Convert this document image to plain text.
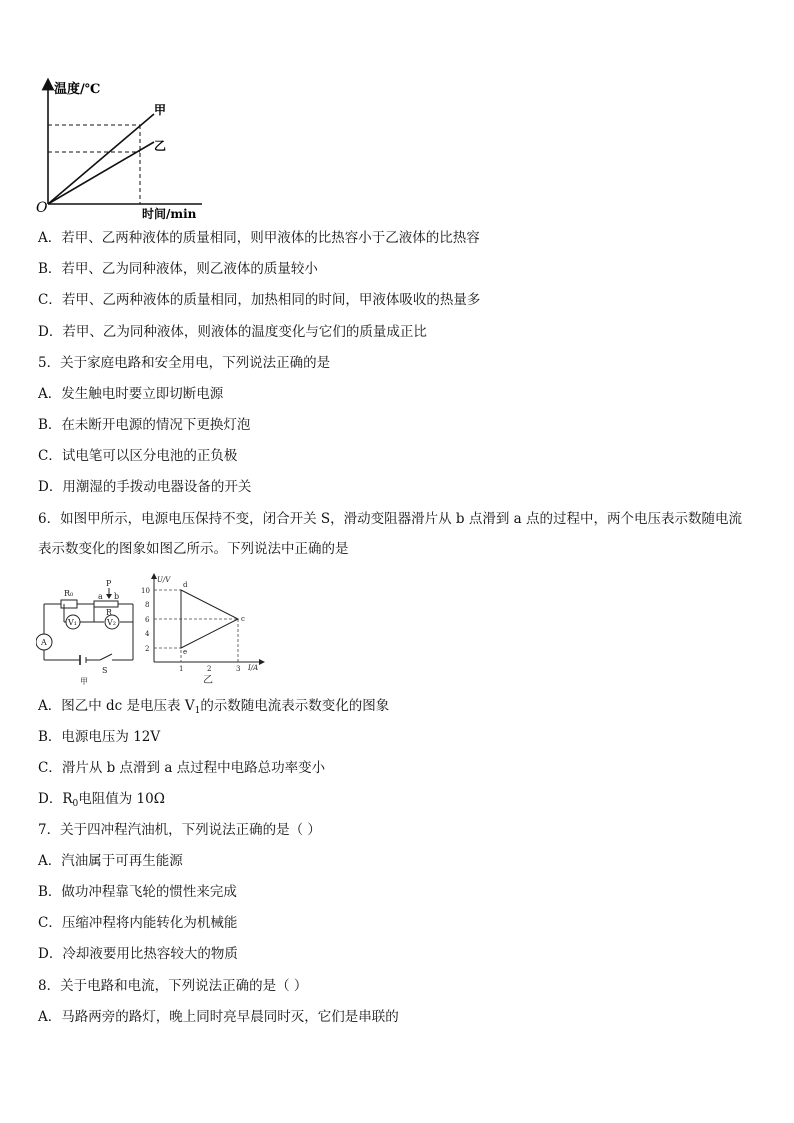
温度/℃
时间/min
O
甲
乙
A．若甲、乙两种液体的质量相同，则甲液体的比热容小于乙液体的比热容
B．若甲、乙为同种液体，则乙液体的质量较小
C．若甲、乙两种液体的质量相同，加热相同的时间，甲液体吸收的热量多
D．若甲、乙为同种液体，则液体的温度变化与它们的质量成正比
5．关于家庭电路和安全用电，下列说法正确的是
A．发生触电时要立即切断电源
B．在未断开电源的情况下更换灯泡
C．试电笔可以区分电池的正负极
D．用潮湿的手拨动电器设备的开关
6．如图甲所示，电源电压保持不变，闭合开关 S，滑动变阻器滑片从 b 点滑到 a 点的过程中，两个电压表示数随电流
表示数变化的图象如图乙所示。下列说法中正确的是
R₀
P
a b
R
V₁	V₂
A
S
甲
U/V
10
8
6
4
2
1	2	3 I/A
d
c
e
乙
A．图乙中 dc 是电压表 $V_1$的示数随电流表示数变化的图象
B．电源电压为 12V
C．滑片从 b 点滑到 a 点过程中电路总功率变小
D．$R_0$电阻值为 10Ω
7．关于四冲程汽油机，下列说法正确的是（ ）
A．汽油属于可再生能源
B．做功冲程靠飞轮的惯性来完成
C．压缩冲程将内能转化为机械能
D．冷却液要用比热容较大的物质
8．关于电路和电流，下列说法正确的是（ ）
A．马路两旁的路灯，晚上同时亮早晨同时灭，它们是串联的
